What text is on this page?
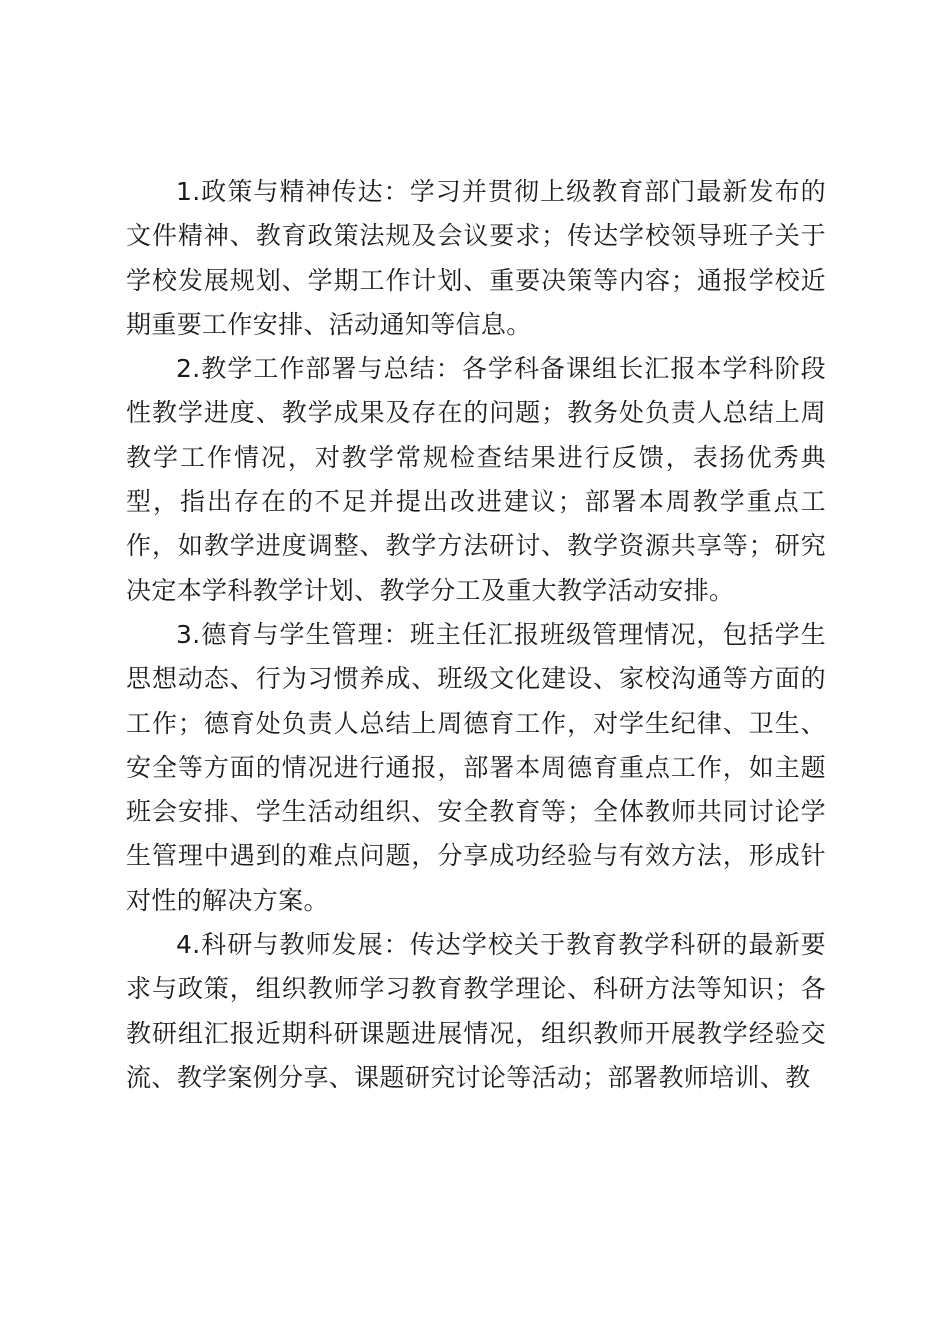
1.政策与精神传达：学习并贯彻上级教育部门最新发布的文件精神、教育政策法规及会议要求；传达学校领导班子关于学校发展规划、学期工作计划、重要决策等内容；通报学校近期重要工作安排、活动通知等信息。

2.教学工作部署与总结：各学科备课组长汇报本学科阶段性教学进度、教学成果及存在的问题；教务处负责人总结上周教学工作情况，对教学常规检查结果进行反馈，表扬优秀典型，指出存在的不足并提出改进建议；部署本周教学重点工作，如教学进度调整、教学方法研讨、教学资源共享等；研究决定本学科教学计划、教学分工及重大教学活动安排。

3.德育与学生管理：班主任汇报班级管理情况，包括学生思想动态、行为习惯养成、班级文化建设、家校沟通等方面的工作；德育处负责人总结上周德育工作，对学生纪律、卫生、安全等方面的情况进行通报，部署本周德育重点工作，如主题班会安排、学生活动组织、安全教育等；全体教师共同讨论学生管理中遇到的难点问题，分享成功经验与有效方法，形成针对性的解决方案。

4.科研与教师发展：传达学校关于教育教学科研的最新要求与政策，组织教师学习教育教学理论、科研方法等知识；各教研组汇报近期科研课题进展情况，组织教师开展教学经验交流、教学案例分享、课题研究讨论等活动；部署教师培训、教
